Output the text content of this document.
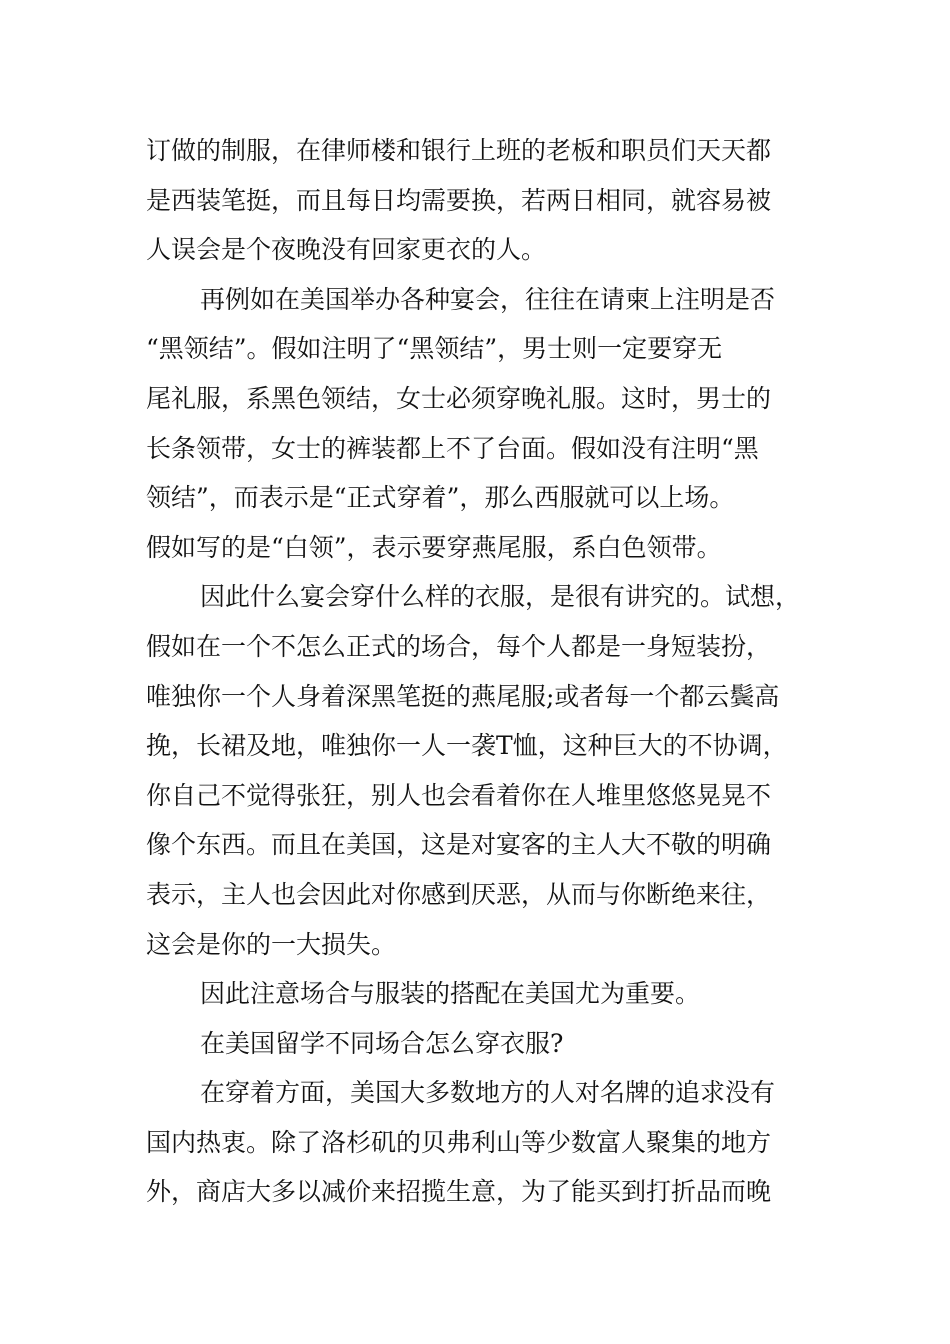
订做的制服，在律师楼和银行上班的老板和职员们天天都
是西装笔挺，而且每日均需要换，若两日相同，就容易被
人误会是个夜晚没有回家更衣的人。
再例如在美国举办各种宴会，往往在请柬上注明是否
“黑领结”。假如注明了“黑领结”，男士则一定要穿无
尾礼服，系黑色领结，女士必须穿晚礼服。这时，男士的
长条领带，女士的裤装都上不了台面。假如没有注明“黑
领结”，而表示是“正式穿着”，那么西服就可以上场。
假如写的是“白领”，表示要穿燕尾服，系白色领带。
因此什么宴会穿什么样的衣服，是很有讲究的。试想，
假如在一个不怎么正式的场合，每个人都是一身短装扮，
唯独你一个人身着深黑笔挺的燕尾服;或者每一个都云鬓高
挽，长裙及地，唯独你一人一袭T恤，这种巨大的不协调，
你自己不觉得张狂，别人也会看着你在人堆里悠悠晃晃不
像个东西。而且在美国，这是对宴客的主人大不敬的明确
表示，主人也会因此对你感到厌恶，从而与你断绝来往，
这会是你的一大损失。
因此注意场合与服装的搭配在美国尤为重要。
在美国留学不同场合怎么穿衣服?
在穿着方面，美国大多数地方的人对名牌的追求没有
国内热衷。除了洛杉矶的贝弗利山等少数富人聚集的地方
外，商店大多以减价来招揽生意，为了能买到打折品而晚
